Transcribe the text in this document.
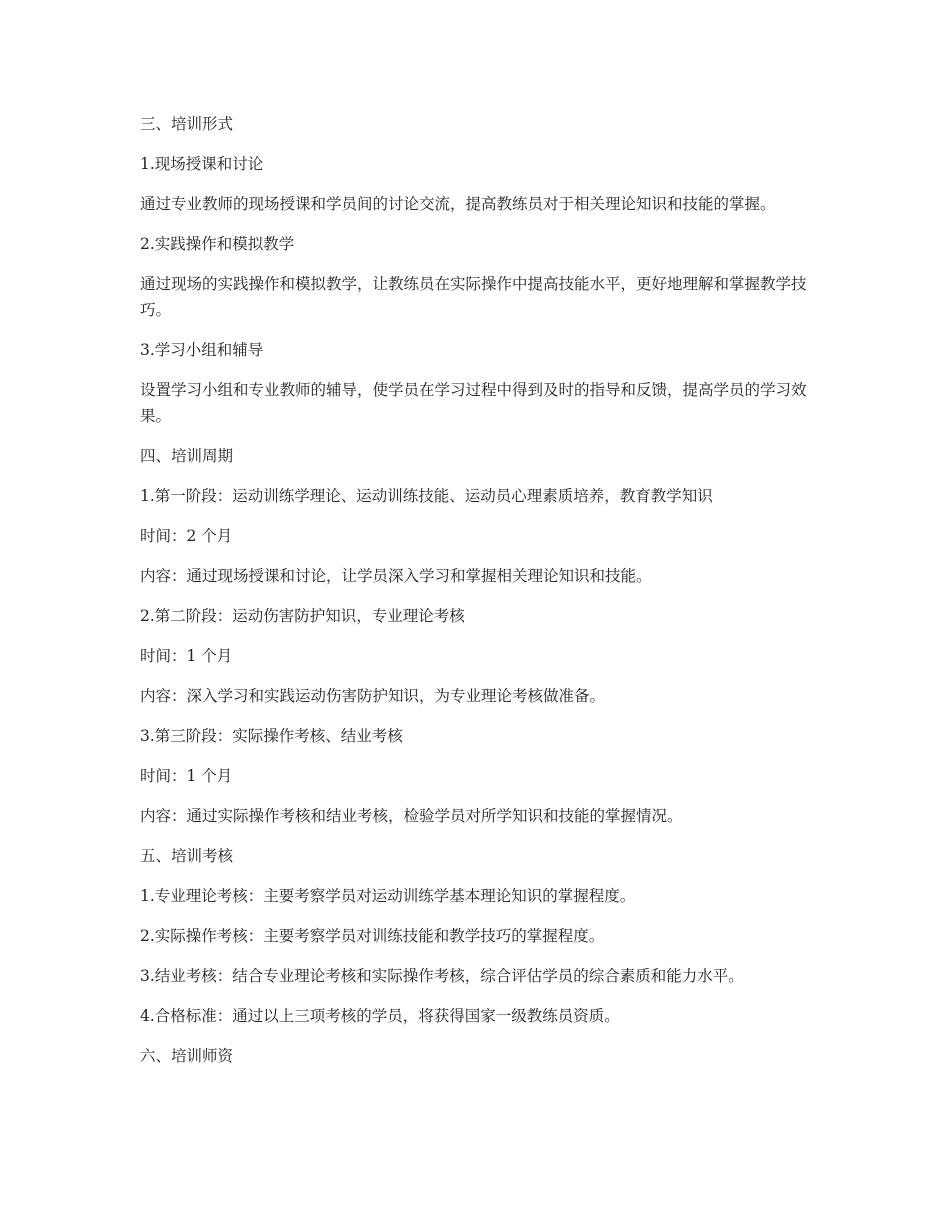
三、培训形式

1.现场授课和讨论

通过专业教师的现场授课和学员间的讨论交流，提高教练员对于相关理论知识和技能的掌握。

2.实践操作和模拟教学

通过现场的实践操作和模拟教学，让教练员在实际操作中提高技能水平，更好地理解和掌握教学技巧。

3.学习小组和辅导

设置学习小组和专业教师的辅导，使学员在学习过程中得到及时的指导和反馈，提高学员的学习效果。

四、培训周期

1.第一阶段：运动训练学理论、运动训练技能、运动员心理素质培养，教育教学知识

时间：2 个月

内容：通过现场授课和讨论，让学员深入学习和掌握相关理论知识和技能。

2.第二阶段：运动伤害防护知识，专业理论考核

时间：1 个月

内容：深入学习和实践运动伤害防护知识，为专业理论考核做准备。

3.第三阶段：实际操作考核、结业考核

时间：1 个月

内容：通过实际操作考核和结业考核，检验学员对所学知识和技能的掌握情况。

五、培训考核

1.专业理论考核：主要考察学员对运动训练学基本理论知识的掌握程度。

2.实际操作考核：主要考察学员对训练技能和教学技巧的掌握程度。

3.结业考核：结合专业理论考核和实际操作考核，综合评估学员的综合素质和能力水平。

4.合格标准：通过以上三项考核的学员，将获得国家一级教练员资质。

六、培训师资
